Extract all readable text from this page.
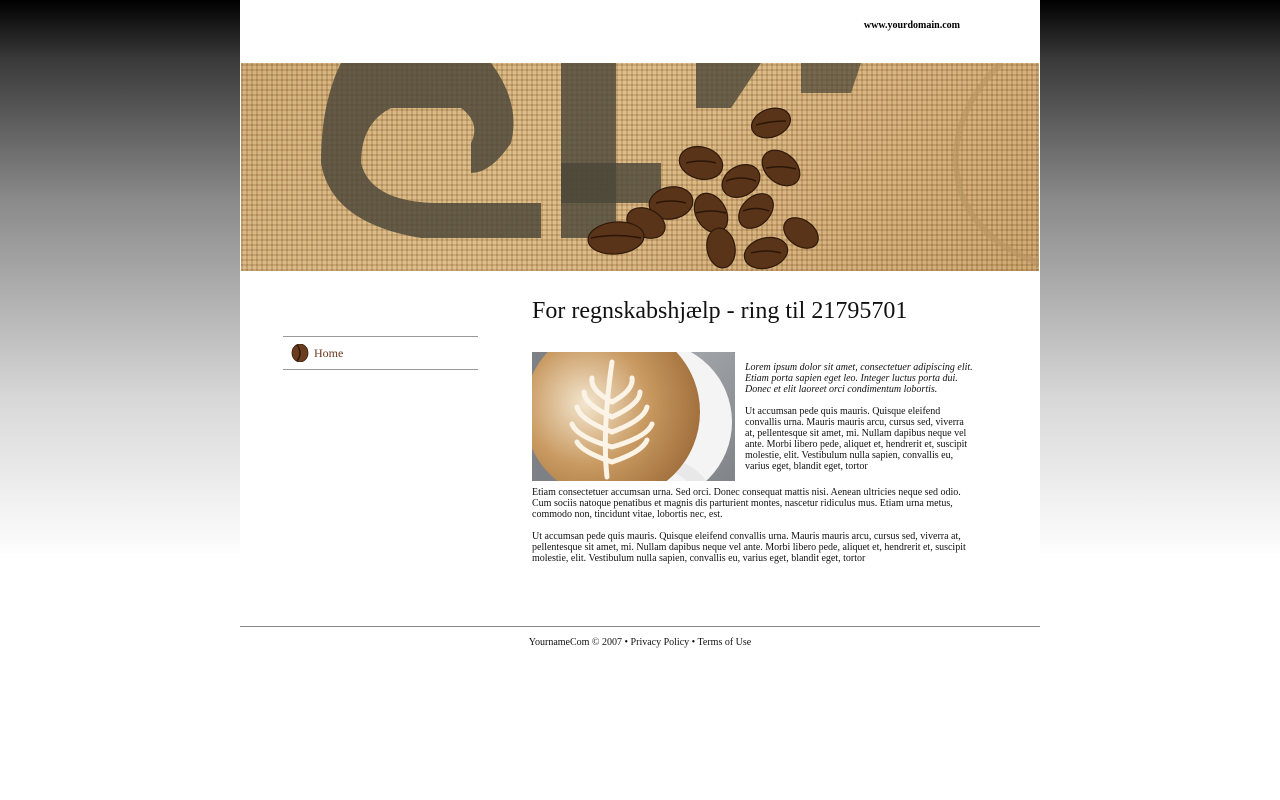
www.yourdomain.com
Home
For regnskabshjælp - ring til 21795701

Lorem ipsum dolor sit amet, consectetuer adipiscing elit. Etiam porta sapien eget leo. Integer luctus porta dui. Donec et elit laoreet orci condimentum lobortis.

Ut accumsan pede quis mauris. Quisque eleifend convallis urna. Mauris mauris arcu, cursus sed, viverra at, pellentesque sit amet, mi. Nullam dapibus neque vel ante. Morbi libero pede, aliquet et, hendrerit et, suscipit molestie, elit. Vestibulum nulla sapien, convallis eu, varius eget, blandit eget, tortor

Etiam consectetuer accumsan urna. Sed orci. Donec consequat mattis nisi. Aenean ultricies neque sed odio. Cum sociis natoque penatibus et magnis dis parturient montes, nascetur ridiculus mus. Etiam urna metus, commodo non, tincidunt vitae, lobortis nec, est.

Ut accumsan pede quis mauris. Quisque eleifend convallis urna. Mauris mauris arcu, cursus sed, viverra at, pellentesque sit amet, mi. Nullam dapibus neque vel ante. Morbi libero pede, aliquet et, hendrerit et, suscipit molestie, elit. Vestibulum nulla sapien, convallis eu, varius eget, blandit eget, tortor

YournameCom © 2007 • Privacy Policy • Terms of Use
